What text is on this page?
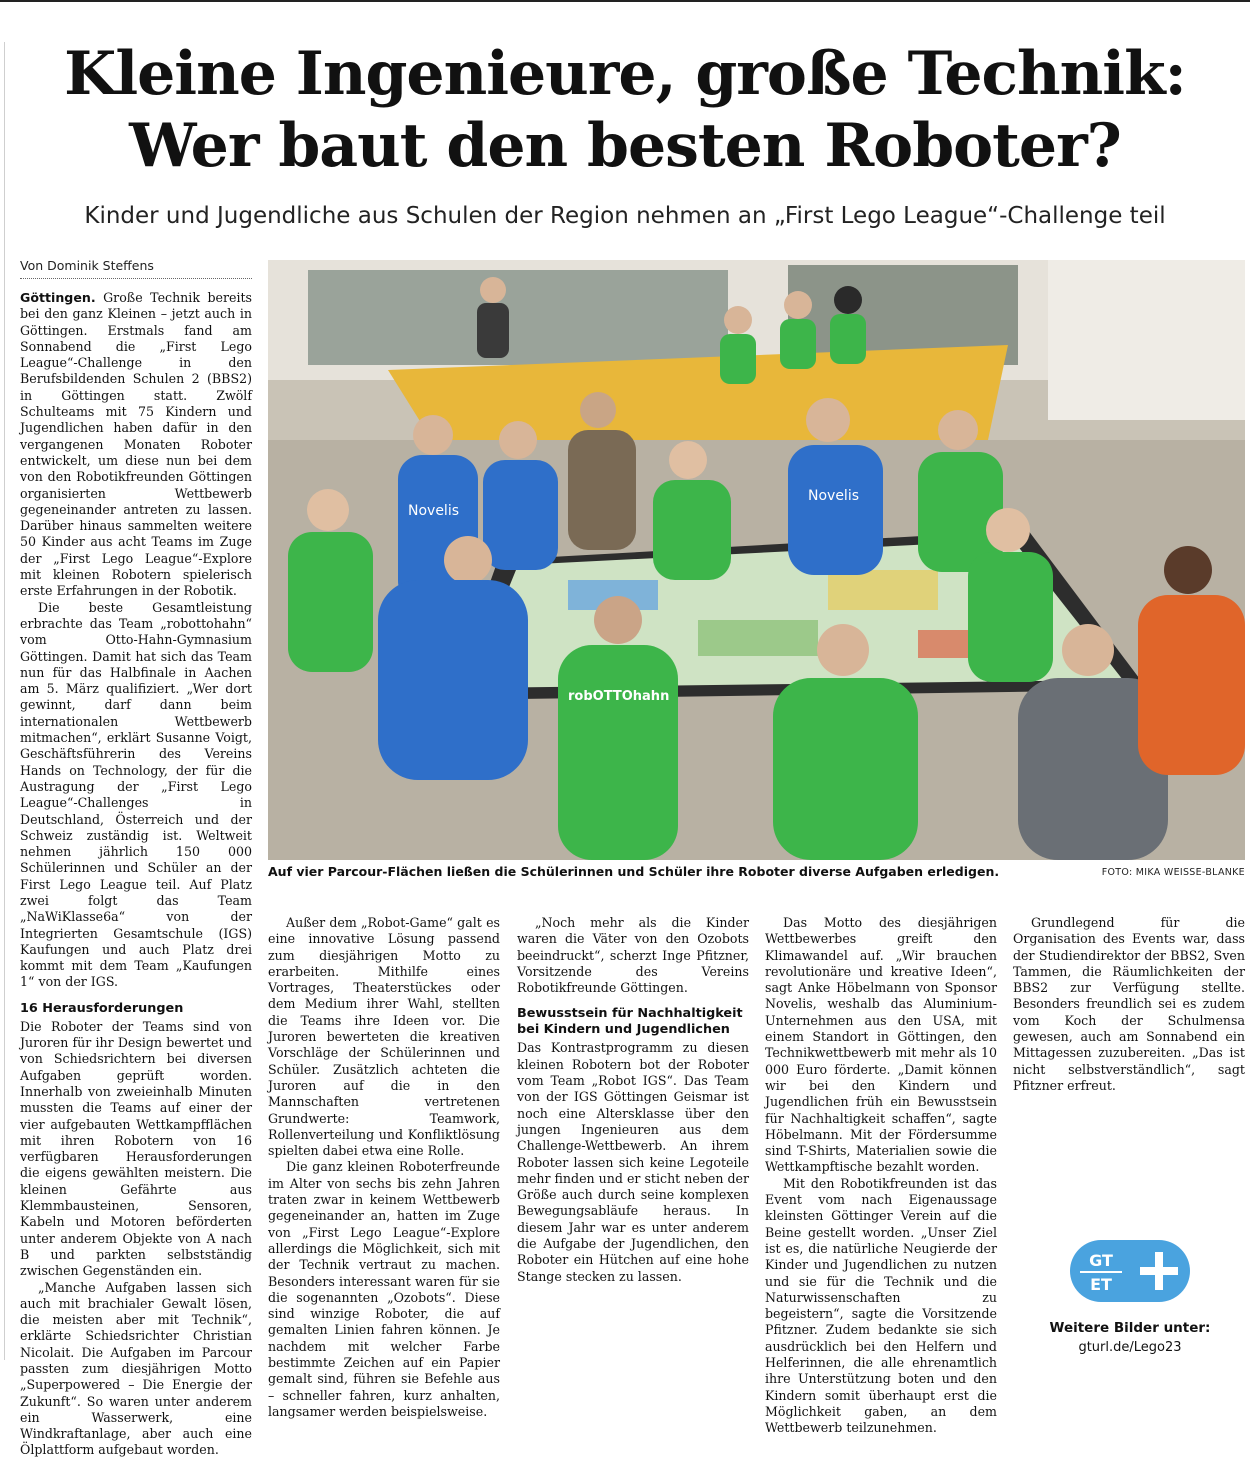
Kleine Ingenieure, große Technik:
Wer baut den besten Roboter?
Kinder und Jugendliche aus Schulen der Region nehmen an „First Lego League“-Challenge teil
Von Dominik Steffens

Göttingen. Große Technik bereits bei den ganz Kleinen – jetzt auch in Göttingen. Erstmals fand am Sonnabend die „First Lego League“-Challenge in den Berufsbildenden Schulen 2 (BBS2) in Göttingen statt. Zwölf Schulteams mit 75 Kindern und Jugendlichen haben dafür in den vergangenen Monaten Roboter entwickelt, um diese nun bei dem von den Robotikfreunden Göttingen organisierten Wettbewerb gegeneinander antreten zu lassen. Darüber hinaus sammelten weitere 50 Kinder aus acht Teams im Zuge der „First Lego League“-Explore mit kleinen Robotern spielerisch erste Erfahrungen in der Robotik.

Die beste Gesamtleistung erbrachte das Team „robottohahn“ vom Otto-Hahn-Gymnasium Göttingen. Damit hat sich das Team nun für das Halbfinale in Aachen am 5. März qualifiziert. „Wer dort gewinnt, darf dann beim internationalen Wettbewerb mitmachen“, erklärt Susanne Voigt, Geschäftsführerin des Vereins Hands on Technology, der für die Austragung der „First Lego League“-Challenges in Deutschland, Österreich und der Schweiz zuständig ist. Weltweit nehmen jährlich 150 000 Schülerinnen und Schüler an der First Lego League teil. Auf Platz zwei folgt das Team „NaWiKlasse6a“ von der Integrierten Gesamtschule (IGS) Kaufungen und auch Platz drei kommt mit dem Team „Kaufungen 1“ von der IGS.

16 Herausforderungen

Die Roboter der Teams sind von Juroren für ihr Design bewertet und von Schiedsrichtern bei diversen Aufgaben geprüft worden. Innerhalb von zweieinhalb Minuten mussten die Teams auf einer der vier aufgebauten Wettkampfflächen mit ihren Robotern von 16 verfügbaren Herausforderungen die eigens gewählten meistern. Die kleinen Gefährte aus Klemmbausteinen, Sensoren, Kabeln und Motoren beförderten unter anderem Objekte von A nach B und parkten selbstständig zwischen Gegenständen ein.

„Manche Aufgaben lassen sich auch mit brachialer Gewalt lösen, die meisten aber mit Technik“, erklärte Schiedsrichter Christian Nicolait. Die Aufgaben im Parcour passten zum diesjährigen Motto „Superpowered – Die Energie der Zukunft“. So waren unter anderem ein Wasserwerk, eine Windkraftanlage, aber auch eine Ölplattform aufgebaut worden.

Novelis
Novelis
robOTTOhahn
Auf vier Parcour-Flächen ließen die Schülerinnen und Schüler ihre Roboter diverse Aufgaben erledigen.	FOTO: MIKA WEISSE-BLANKE

Außer dem „Robot-Game“ galt es eine innovative Lösung passend zum diesjährigen Motto zu erarbeiten. Mithilfe eines Vortrages, Theaterstückes oder dem Medium ihrer Wahl, stellten die Teams ihre Ideen vor. Die Juroren bewerteten die kreativen Vorschläge der Schülerinnen und Schüler. Zusätzlich achteten die Juroren auf die in den Mannschaften vertretenen Grundwerte: Teamwork, Rollenverteilung und Konfliktlösung spielten dabei etwa eine Rolle.

Die ganz kleinen Roboterfreunde im Alter von sechs bis zehn Jahren traten zwar in keinem Wettbewerb gegeneinander an, hatten im Zuge von „First Lego League“-Explore allerdings die Möglichkeit, sich mit der Technik vertraut zu machen. Besonders interessant waren für sie die sogenannten „Ozobots“. Diese sind winzige Roboter, die auf gemalten Linien fahren können. Je nachdem mit welcher Farbe bestimmte Zeichen auf ein Papier gemalt sind, führen sie Befehle aus – schneller fahren, kurz anhalten, langsamer werden beispielsweise.

„Noch mehr als die Kinder waren die Väter von den Ozobots beeindruckt“, scherzt Inge Pfitzner, Vorsitzende des Vereins Robotikfreunde Göttingen.

Bewusstsein für Nachhaltigkeit bei Kindern und Jugendlichen

Das Kontrastprogramm zu diesen kleinen Robotern bot der Roboter vom Team „Robot IGS“. Das Team von der IGS Göttingen Geismar ist noch eine Altersklasse über den jungen Ingenieuren aus dem Challenge-Wettbewerb. An ihrem Roboter lassen sich keine Legoteile mehr finden und er sticht neben der Größe auch durch seine komplexen Bewegungsabläufe heraus. In diesem Jahr war es unter anderem die Aufgabe der Jugendlichen, den Roboter ein Hütchen auf eine hohe Stange stecken zu lassen.

Das Motto des diesjährigen Wettbewerbes greift den Klimawandel auf. „Wir brauchen revolutionäre und kreative Ideen“, sagt Anke Höbelmann von Sponsor Novelis, weshalb das Aluminium-Unternehmen aus den USA, mit einem Standort in Göttingen, den Technikwettbewerb mit mehr als 10 000 Euro förderte. „Damit können wir bei den Kindern und Jugendlichen früh ein Bewusstsein für Nachhaltigkeit schaffen“, sagte Höbelmann. Mit der Fördersumme sind T-Shirts, Materialien sowie die Wettkampftische bezahlt worden.

Mit den Robotikfreunden ist das Event vom nach Eigenaussage kleinsten Göttinger Verein auf die Beine gestellt worden. „Unser Ziel ist es, die natürliche Neugierde der Kinder und Jugendlichen zu nutzen und sie für die Technik und die Naturwissenschaften zu begeistern“, sagte die Vorsitzende Pfitzner. Zudem bedankte sie sich ausdrücklich bei den Helfern und Helferinnen, die alle ehrenamtlich ihre Unterstützung boten und den Kindern somit überhaupt erst die Möglichkeit gaben, an dem Wettbewerb teilzunehmen.

Grundlegend für die Organisation des Events war, dass der Studiendirektor der BBS2, Sven Tammen, die Räumlichkeiten der BBS2 zur Verfügung stellte. Besonders freundlich sei es zudem vom Koch der Schulmensa gewesen, auch am Sonnabend ein Mittagessen zuzubereiten. „Das ist nicht selbstverständlich“, sagt Pfitzner erfreut.

GT
ET
Weitere Bilder unter:
gturl.de/Lego23
